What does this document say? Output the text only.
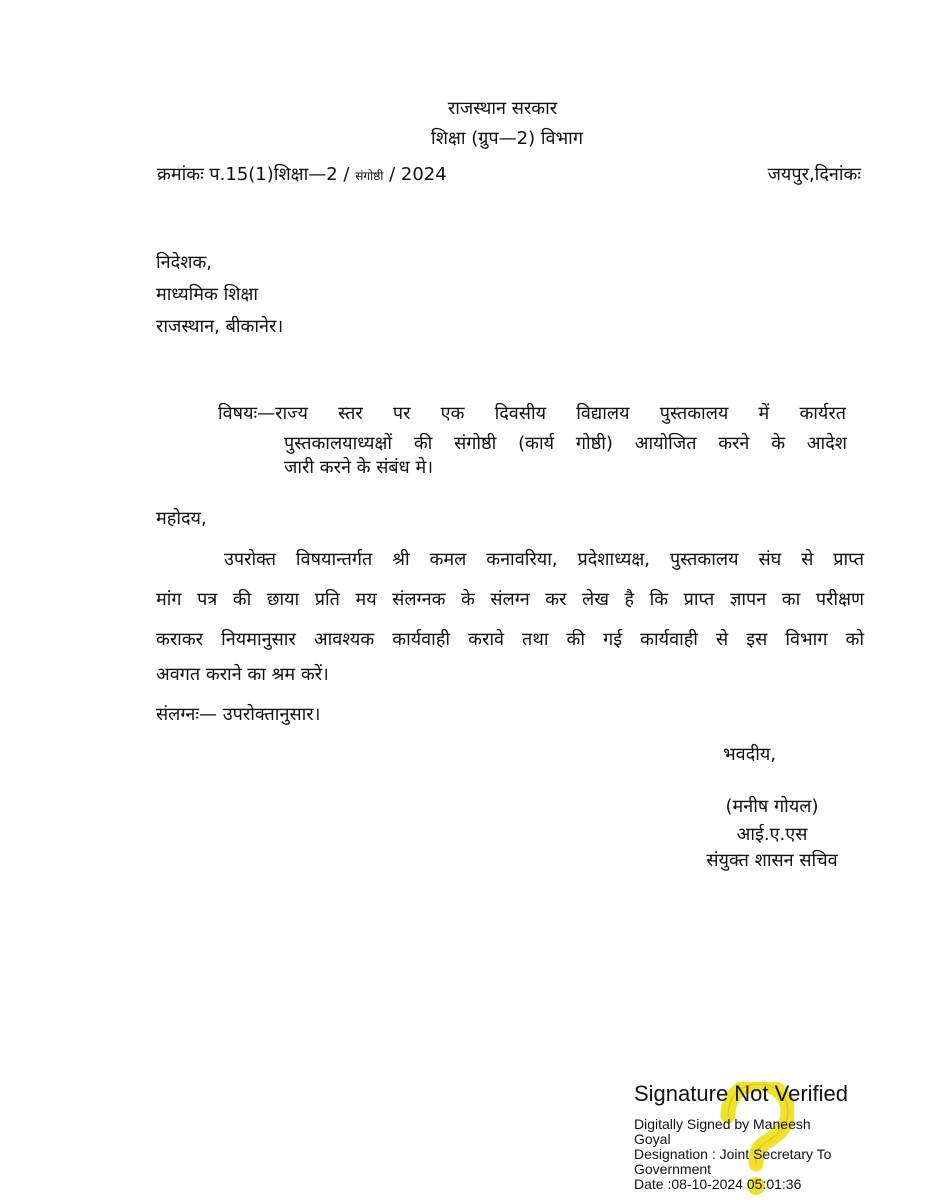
राजस्थान सरकार
शिक्षा (ग्रुप—2) विभाग
क्रमांकः प.15(1)शिक्षा—2 / संगोष्ठी / 2024	जयपुर,दिनांकः
निदेशक,
माध्यमिक शिक्षा
राजस्थान, बीकानेर।
विषयः—राज्य स्तर पर एक दिवसीय विद्यालय पुस्तकालय में कार्यरत
पुस्तकालयाध्यक्षों की संगोष्ठी (कार्य गोष्ठी) आयोजित करने के आदेश
जारी करने के संबंध मे।
महोदय,
उपरोक्त विषयान्तर्गत श्री कमल कनावरिया, प्रदेशाध्यक्ष, पुस्तकालय संघ से प्राप्त
मांग पत्र की छाया प्रति मय संलग्नक के संलग्न कर लेख है कि प्राप्त ज्ञापन का परीक्षण
कराकर नियमानुसार आवश्यक कार्यवाही करावे तथा की गई कार्यवाही से इस विभाग को
अवगत कराने का श्रम करें।
संलग्नः— उपरोक्तानुसार।
भवदीय,
(मनीष गोयल)
आई.ए.एस
संयुक्त शासन सचिव
Signature Not Verified
Digitally Signed by Maneesh
Goyal
Designation : Joint Secretary To
Government
Date :08-10-2024 05:01:36
